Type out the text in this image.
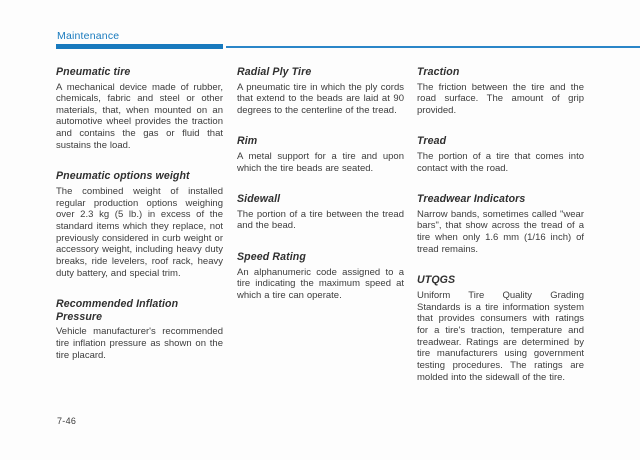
Maintenance
Pneumatic tire

A mechanical device made of rubber, chemicals, fabric and steel or other materials, that, when mounted on an automotive wheel provides the traction and contains the gas or fluid that sustains the load.

Pneumatic options weight

The combined weight of installed regular production options weighing over 2.3 kg (5 lb.) in excess of the standard items which they replace, not previously considered in curb weight or accessory weight, including heavy duty breaks, ride levelers, roof rack, heavy duty battery, and special trim.

Recommended Inflation Pressure

Vehicle manufacturer's recommended tire inflation pressure as shown on the tire placard.

Radial Ply Tire

A pneumatic tire in which the ply cords that extend to the beads are laid at 90 degrees to the centerline of the tread.

Rim

A metal support for a tire and upon which the tire beads are seated.

Sidewall

The portion of a tire between the tread and the bead.

Speed Rating

An alphanumeric code assigned to a tire indicating the maximum speed at which a tire can operate.

Traction

The friction between the tire and the road surface. The amount of grip provided.

Tread

The portion of a tire that comes into contact with the road.

Treadwear Indicators

Narrow bands, sometimes called "wear bars", that show across the tread of a tire when only 1.6 mm (1/16 inch) of tread remains.

UTQGS

Uniform Tire Quality Grading Standards is a tire information system that provides consumers with ratings for a tire's traction, temperature and treadwear. Ratings are determined by tire manufacturers using government testing procedures. The ratings are molded into the sidewall of the tire.

7-46
